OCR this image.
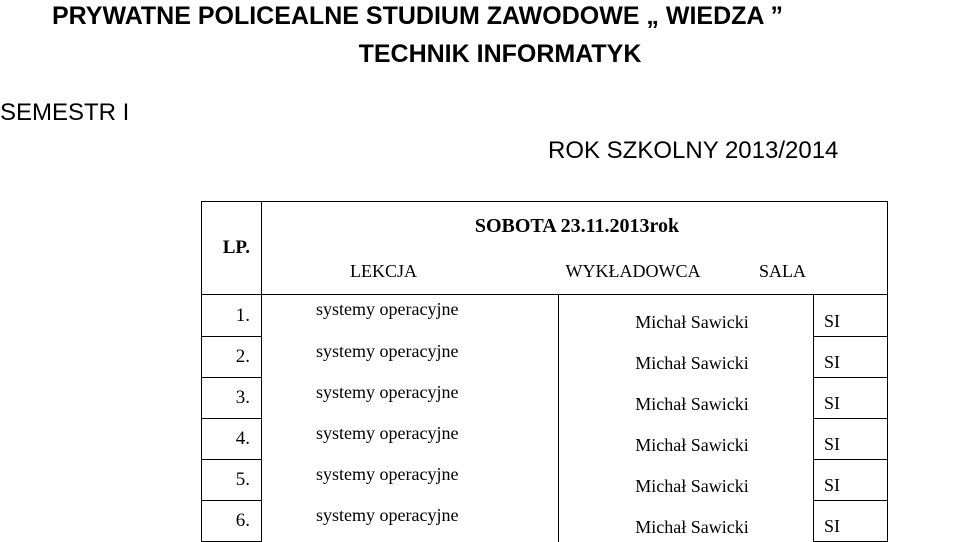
PRYWATNE POLICEALNE STUDIUM ZAWODOWE „ WIEDZA ”
TECHNIK INFORMATYK
SEMESTR I
ROK SZKOLNY 2013/2014
LP.	SOBOTA 23.11.2013rok
LEKCJA WYKŁADOWCA SALA		

1.	systemy operacyjne	Michał Sawicki	SI
2.	systemy operacyjne	Michał Sawicki	SI
3.	systemy operacyjne	Michał Sawicki	SI
4.	systemy operacyjne	Michał Sawicki	SI
5.	systemy operacyjne	Michał Sawicki	SI
6.	systemy operacyjne	Michał Sawicki	SI
